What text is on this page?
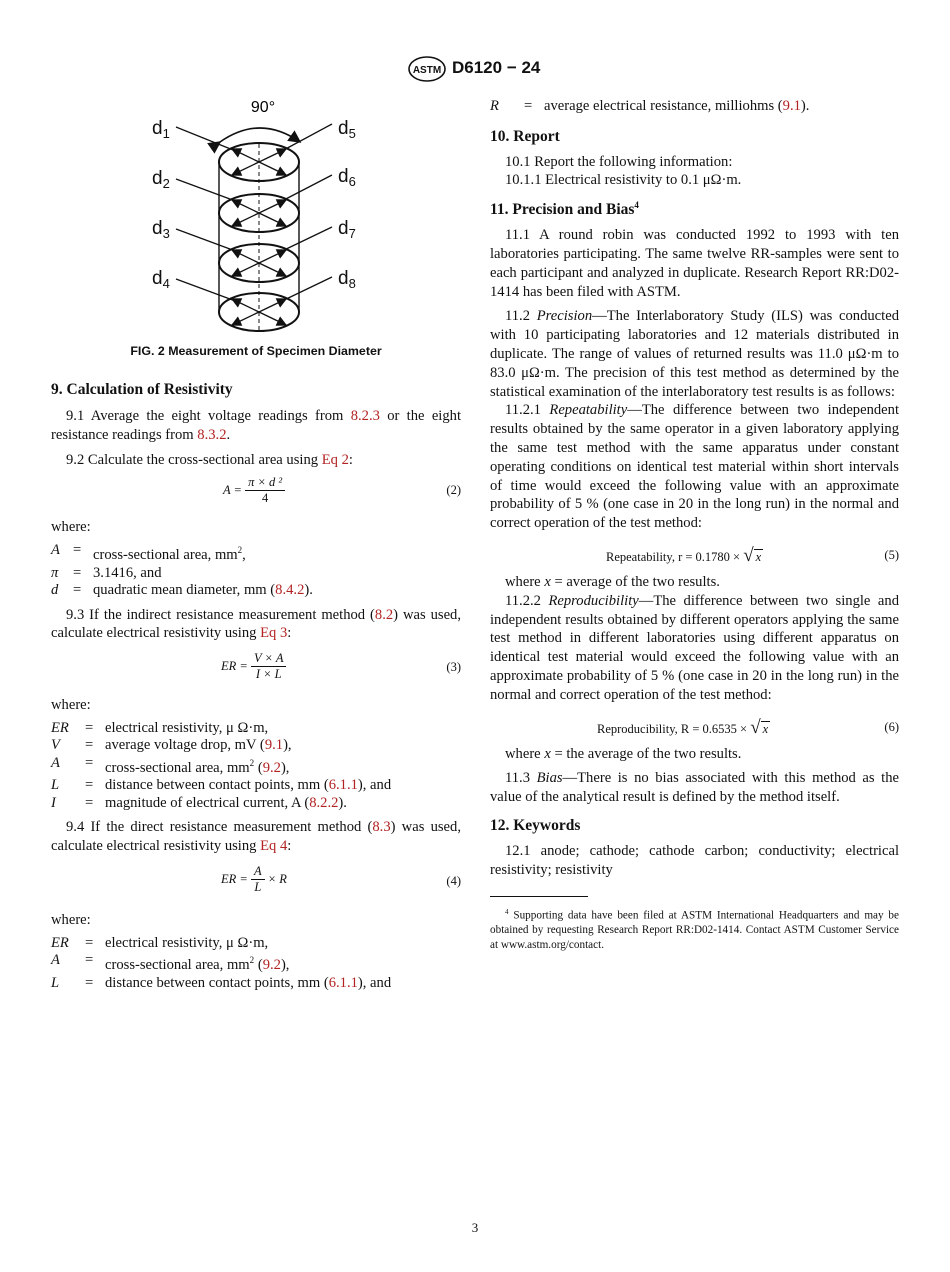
ASTM D6120 − 24
90°
$d_1$
$d_2$
$d_3$
$d_4$
$d_5$
$d_6$
$d_7$
$d_8$
FIG. 2 Measurement of Specimen Diameter
9. Calculation of Resistivity

9.1 Average the eight voltage readings from 8.2.3 or the eight resistance readings from 8.3.2.

9.2 Calculate the cross-sectional area using Eq 2:

$A = \frac{\text{π × d ²}}{4}$	(2)

where:

A = cross-sectional area, $mm^2$,
π	= 3.1416, and
d	= quadratic mean diameter, mm (8.4.2).

9.3 If the indirect resistance measurement method (8.2) was used, calculate electrical resistivity using Eq 3:

ER = $\frac{V \times A}{I \times L}$	(3)

where:

ER	= electrical resistivity, μ Ω·m,
V	= average voltage drop, mV (9.1),
A	= cross-sectional area, $mm^2$ (9.2),
L	= distance between contact points, mm (6.1.1), and
I	= magnitude of electrical current, A (8.2.2).

9.4 If the direct resistance measurement method (8.3) was used, calculate electrical resistivity using Eq 4:

ER = $\frac{A}{L} \times R$	(4)

where:

ER	= electrical resistivity, μ Ω·m,
A	= cross-sectional area, $mm^2$ (9.2),
L	= distance between contact points, mm (6.1.1), and
R	= average electrical resistance, milliohms (9.1).
10. Report

10.1 Report the following information:

10.1.1 Electrical resistivity to 0.1 μΩ·m.

11. Precision and Bias$^4$

11.1 A round robin was conducted 1992 to 1993 with ten laboratories participating. The same twelve RR-samples were sent to each participant and analyzed in duplicate. Research Report RR:D02-1414 has been filed with ASTM.

11.2 Precision—The Interlaboratory Study (ILS) was conducted with 10 participating laboratories and 12 materials distributed in duplicate. The range of values of returned results was 11.0 μΩ·m to 83.0 μΩ·m. The precision of this test method as determined by the statistical examination of the interlaboratory test results is as follows:

11.2.1 Repeatability—The difference between two independent results obtained by the same operator in a given laboratory applying the same test method with the same apparatus under constant operating conditions on identical test material within short intervals of time would exceed the following value with an approximate probability of 5 % (one case in 20 in the long run) in the normal and correct operation of the test method:

Repeatability, r = 0.1780 × √ x	(5)

where x = average of the two results.

11.2.2 Reproducibility—The difference between two single and independent results obtained by different operators applying the same test method in different laboratories using different apparatus on identical test material would exceed the following value with an approximate probability of 5 % (one case in 20 in the long run) in the normal and correct operation of the test method:

Reproducibility, R = 0.6535 × √ x	(6)

where x = the average of the two results.

11.3 Bias—There is no bias associated with this method as the value of the analytical result is defined by the method itself.

12. Keywords

12.1 anode; cathode; cathode carbon; conductivity; electrical resistivity; resistivity

$^4$ Supporting data have been filed at ASTM International Headquarters and may be obtained by requesting Research Report RR:D02-1414. Contact ASTM Customer Service at www.astm.org/contact.

3
